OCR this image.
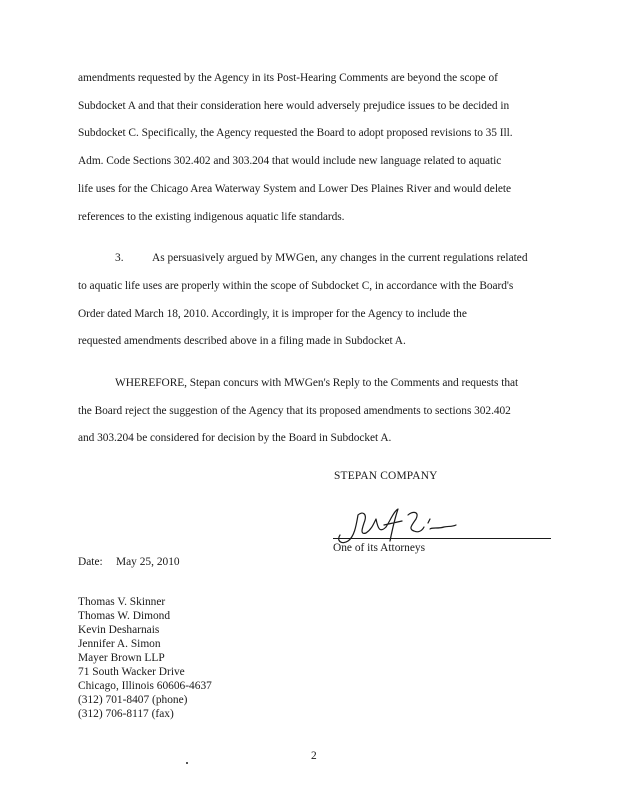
amendments requested by the Agency in its Post-Hearing Comments are beyond the scope of
Subdocket A and that their consideration here would adversely prejudice issues to be decided in
Subdocket C. Specifically, the Agency requested the Board to adopt proposed revisions to 35 Ill.
Adm. Code Sections 302.402 and 303.204 that would include new language related to aquatic
life uses for the Chicago Area Waterway System and Lower Des Plaines River and would delete
references to the existing indigenous aquatic life standards.
3. As persuasively argued by MWGen, any changes in the current regulations related
to aquatic life uses are properly within the scope of Subdocket C, in accordance with the Board's
Order dated March 18, 2010. Accordingly, it is improper for the Agency to include the
requested amendments described above in a filing made in Subdocket A.
WHEREFORE, Stepan concurs with MWGen's Reply to the Comments and requests that
the Board reject the suggestion of the Agency that its proposed amendments to sections 302.402
and 303.204 be considered for decision by the Board in Subdocket A.
STEPAN COMPANY
One of its Attorneys
Date: May 25, 2010
Thomas V. Skinner
Thomas W. Dimond
Kevin Desharnais
Jennifer A. Simon
Mayer Brown LLP
71 South Wacker Drive
Chicago, Illinois 60606-4637
(312) 701-8407 (phone)
(312) 706-8117 (fax)
2
